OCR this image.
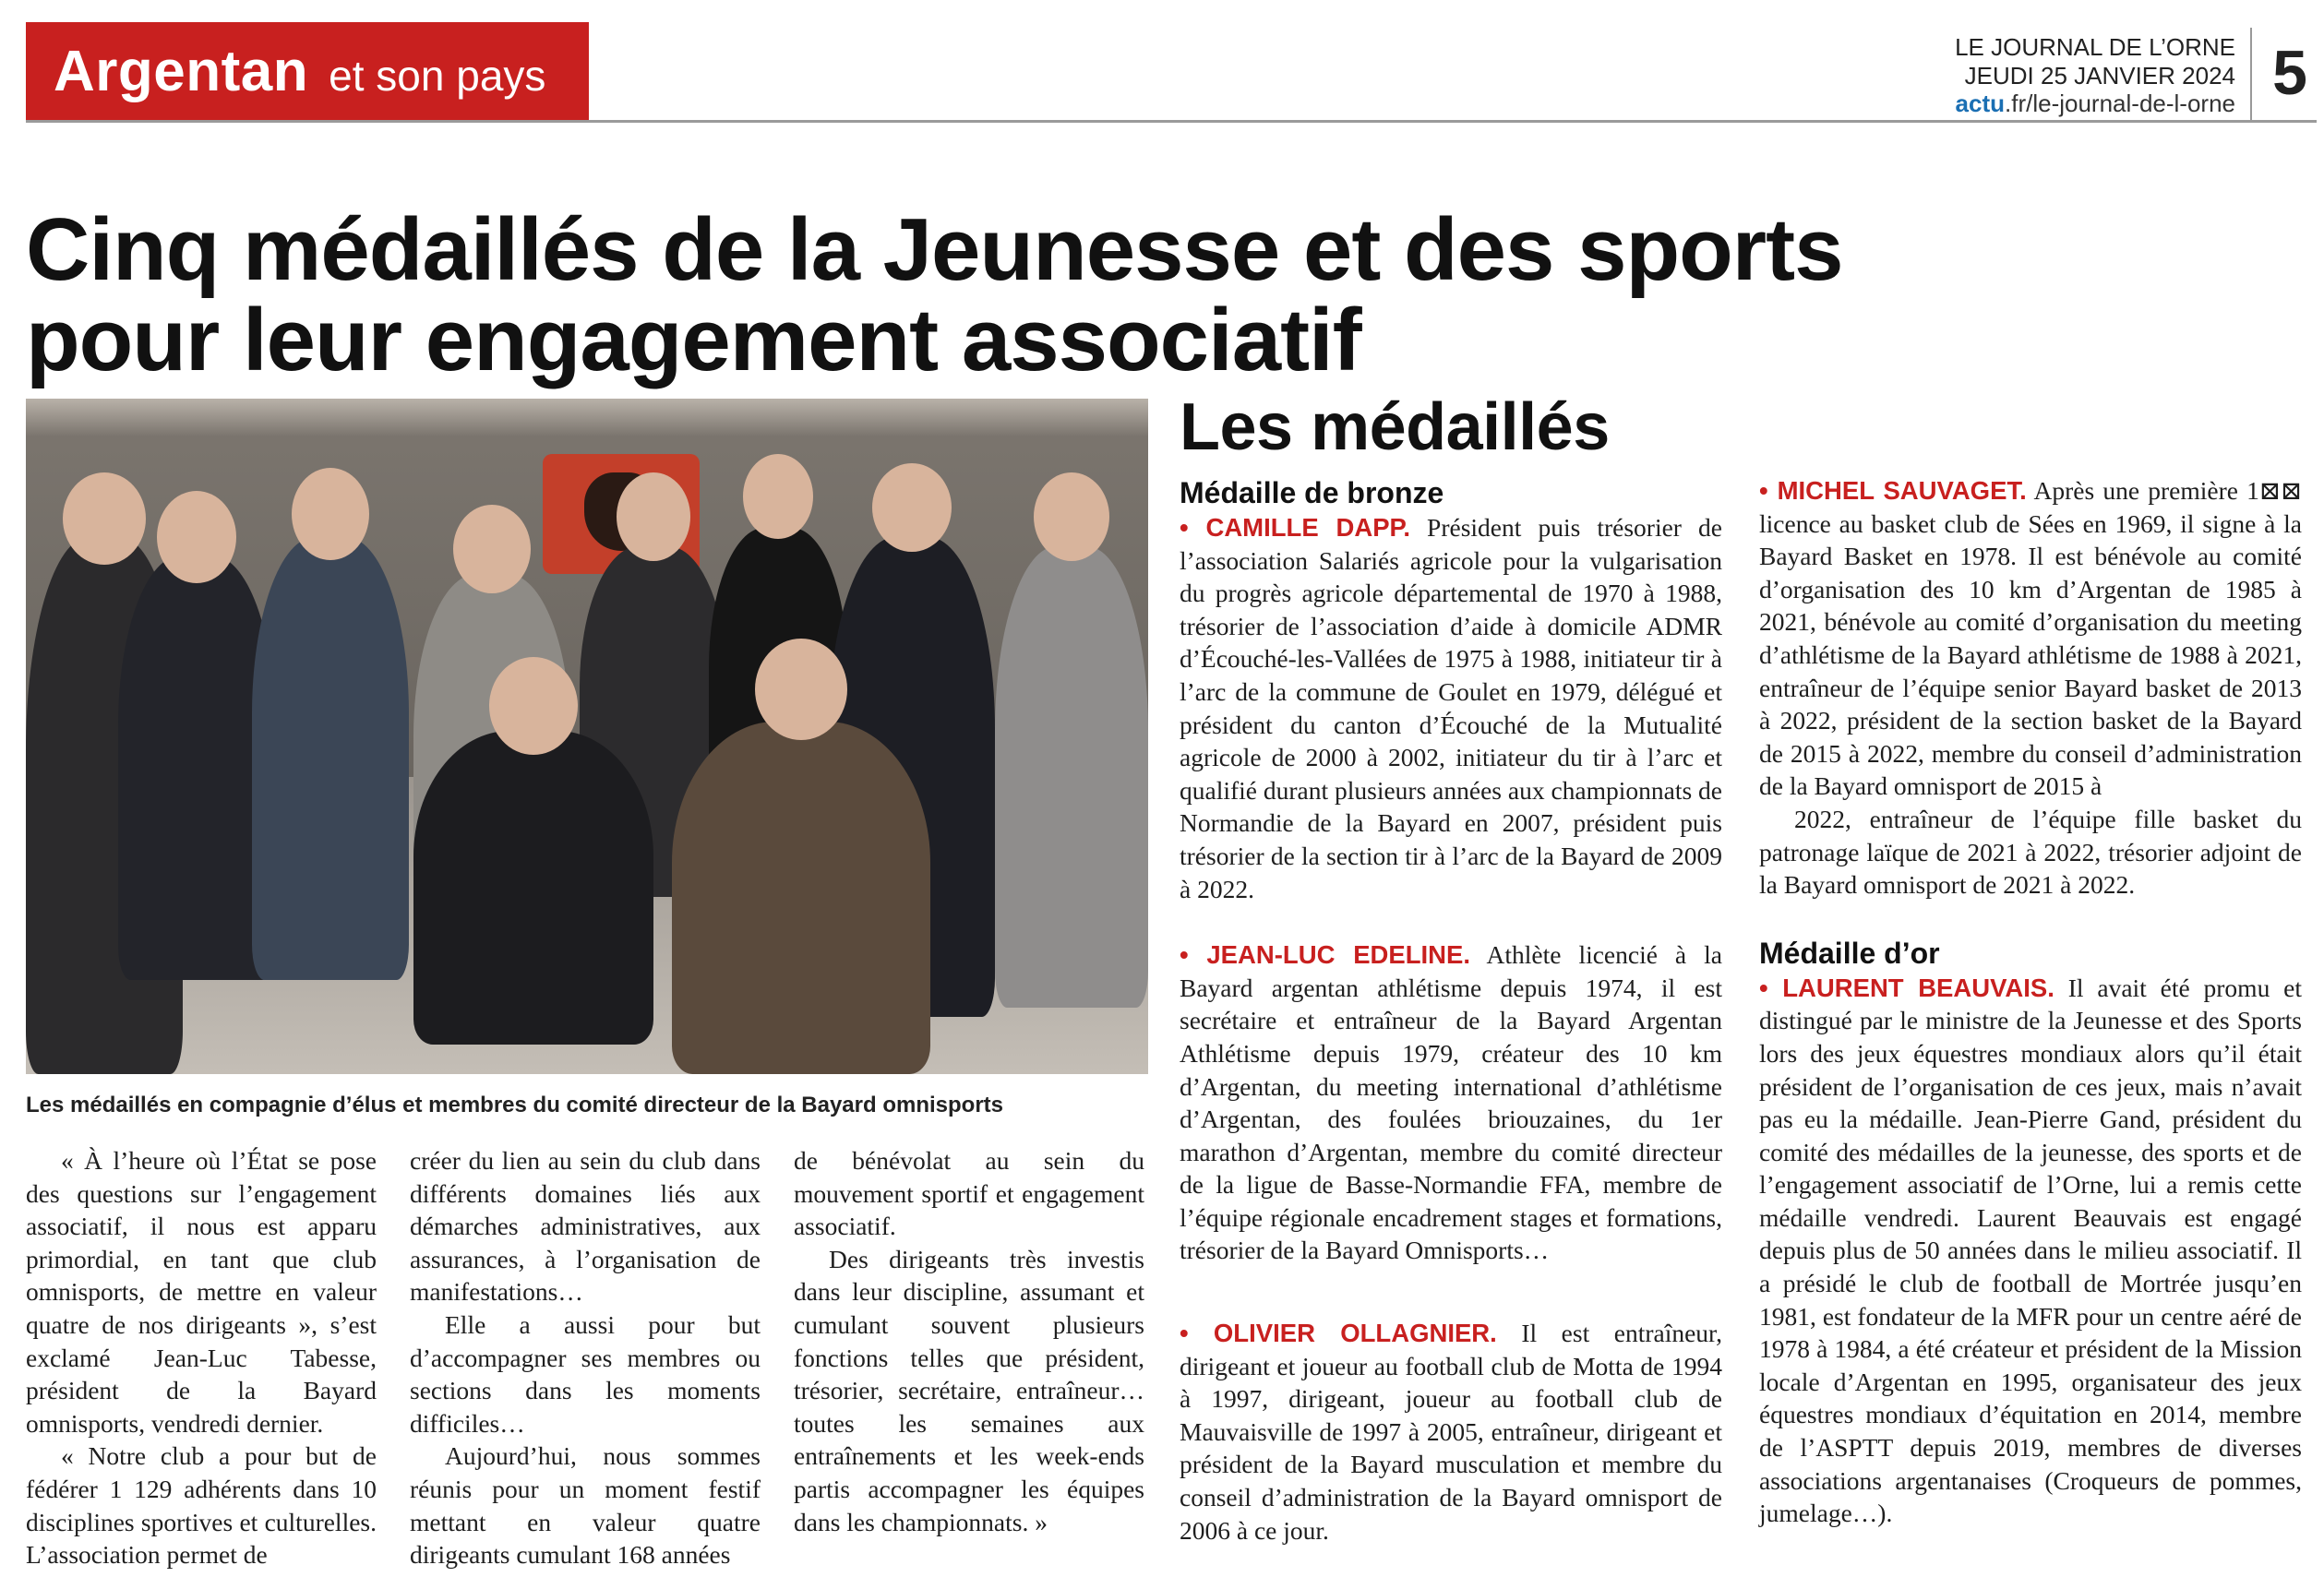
Argentan et son pays
LE JOURNAL DE L’ORNE
JEUDI 25 JANVIER 2024
actu.fr/le-journal-de-l-orne 5
Cinq médaillés de la Jeunesse et des sports
pour leur engagement associatif
Les médaillés en compagnie d’élus et membres du comité directeur de la Bayard omnisports

« À l’heure où l’État se pose des questions sur l’engagement associatif, il nous est apparu primordial, en tant que club omnisports, de mettre en valeur quatre de nos dirigeants », s’est exclamé Jean-Luc Tabesse, président de la Bayard omnisports, vendredi dernier.

« Notre club a pour but de fédérer 1 129 adhérents dans 10 disciplines sportives et culturelles. L’association permet de

créer du lien au sein du club dans différents domaines liés aux démarches administratives, aux assurances, à l’organisation de manifestations…

Elle a aussi pour but d’accompagner ses membres ou sections dans les moments difficiles…

Aujourd’hui, nous sommes réunis pour un moment festif mettant en valeur quatre dirigeants cumulant 168 années

de bénévolat au sein du mouvement sportif et engagement associatif.

Des dirigeants très investis dans leur discipline, assumant et cumulant souvent plusieurs fonctions telles que président, trésorier, secrétaire, entraîneur… toutes les semaines aux entraînements et les week-ends partis accompagner les équipes dans les championnats. »

Les médaillés
Médaille de bronze

• CAMILLE DAPP. Président puis trésorier de l’association Salariés agricole pour la vulgarisation du progrès agricole départemental de 1970 à 1988, trésorier de l’association d’aide à domicile ADMR d’Écouché-les-Vallées de 1975 à 1988, initiateur tir à l’arc de la commune de Goulet en 1979, délégué et président du canton d’Écouché de la Mutualité agricole de 2000 à 2002, initiateur du tir à l’arc et qualifié durant plusieurs années aux championnats de Normandie de la Bayard en 2007, président puis trésorier de la section tir à l’arc de la Bayard de 2009 à 2022.

• JEAN-LUC EDELINE. Athlète licencié à la Bayard argentan athlétisme depuis 1974, il est secrétaire et entraîneur de la Bayard Argentan Athlétisme depuis 1979, créateur des 10 km d’Argentan, du meeting international d’athlétisme d’Argentan, des foulées briouzaines, du 1er marathon d’Argentan, membre du comité directeur de la ligue de Basse-Normandie FFA, membre de l’équipe régionale encadrement stages et formations, trésorier de la Bayard Omnisports…

• OLIVIER OLLAGNIER. Il est entraîneur, dirigeant et joueur au football club de Motta de 1994 à 1997, dirigeant, joueur au football club de Mauvaisville de 1997 à 2005, entraîneur, dirigeant et président de la Bayard musculation et membre du conseil d’administration de la Bayard omnisport de 2006 à ce jour.

• MICHEL SAUVAGET. Après une première 1⊠⊠ licence au basket club de Sées en 1969, il signe à la Bayard Basket en 1978. Il est bénévole au comité d’organisation des 10 km d’Argentan de 1985 à 2021, bénévole au comité d’organisation du meeting d’athlétisme de la Bayard athlétisme de 1988 à 2021, entraîneur de l’équipe senior Bayard basket de 2013 à 2022, président de la section basket de la Bayard de 2015 à 2022, membre du conseil d’administration de la Bayard omnisport de 2015 à

2022, entraîneur de l’équipe fille basket du patronage laïque de 2021 à 2022, trésorier adjoint de la Bayard omnisport de 2021 à 2022.

Médaille d’or

• LAURENT BEAUVAIS. Il avait été promu et distingué par le ministre de la Jeunesse et des Sports lors des jeux équestres mondiaux alors qu’il était président de l’organisation de ces jeux, mais n’avait pas eu la médaille. Jean-Pierre Gand, président du comité des médailles de la jeunesse, des sports et de l’engagement associatif de l’Orne, lui a remis cette médaille vendredi. Laurent Beauvais est engagé depuis plus de 50 années dans le milieu associatif. Il a présidé le club de football de Mortrée jusqu’en 1981, est fondateur de la MFR pour un centre aéré de 1978 à 1984, a été créateur et président de la Mission locale d’Argentan en 1995, organisateur des jeux équestres mondiaux d’équitation en 2014, membre de l’ASPTT depuis 2019, membres de diverses associations argentanaises (Croqueurs de pommes, jumelage…).
